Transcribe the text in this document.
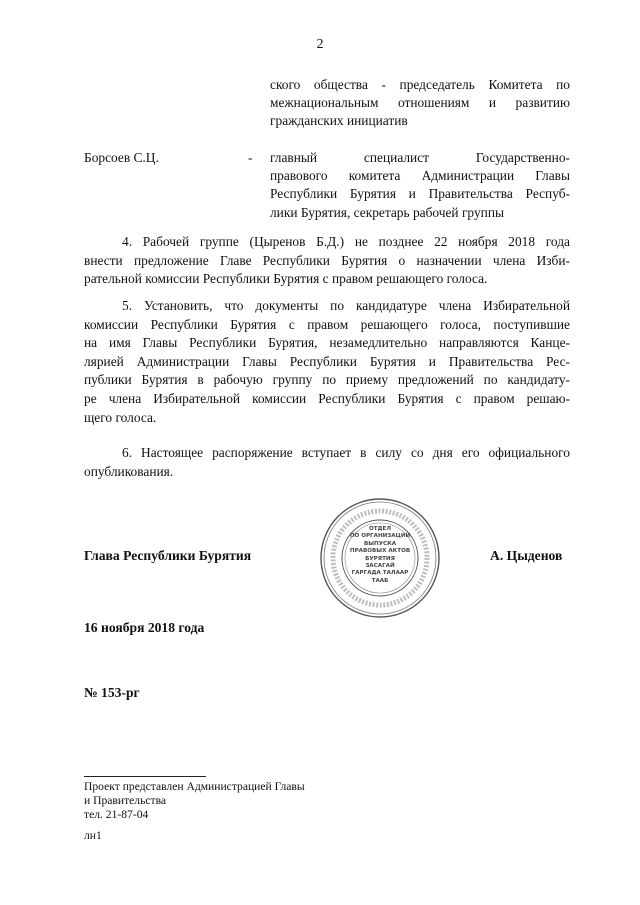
2
ского общества - председатель Комитета по
межнациональным отношениям и развитию
гражданских инициатив
Борсоев С.Ц.	- главный специалист Государственно-
правового комитета Администрации Главы
Республики Бурятия и Правительства Респуб-
лики Бурятия, секретарь рабочей группы
4. Рабочей группе (Цыренов Б.Д.) не позднее 22 ноября 2018 года
внести предложение Главе Республики Бурятия о назначении члена Изби-
рательной комиссии Республики Бурятия с правом решающего голоса.
5. Установить, что документы по кандидатуре члена Избирательной
комиссии Республики Бурятия с правом решающего голоса, поступившие
на имя Главы Республики Бурятия, незамедлительно направляются Канце-
лярией Администрации Главы Республики Бурятия и Правительства Рес-
публики Бурятия в рабочую группу по приему предложений по кандидату-
ре члена Избирательной комиссии Республики Бурятия с правом решаю-
щего голоса.
6. Настоящее распоряжение вступает в силу со дня его официального
опубликования.
Глава Республики Бурятия	А. Цыденов
ОТДЕЛ
ПО ОРГАНИЗАЦИИ
ВЫПУСКА
ПРАВОВЫХ АКТОВ
БУРЯТИЯ
ЗАСАГАЙ
ГАРГАДА ТАЛААР
ТААБ
16 ноября 2018 года
№ 153-рг
Проект представлен Администрацией Главы
и Правительства
тел. 21-87-04
лн1
